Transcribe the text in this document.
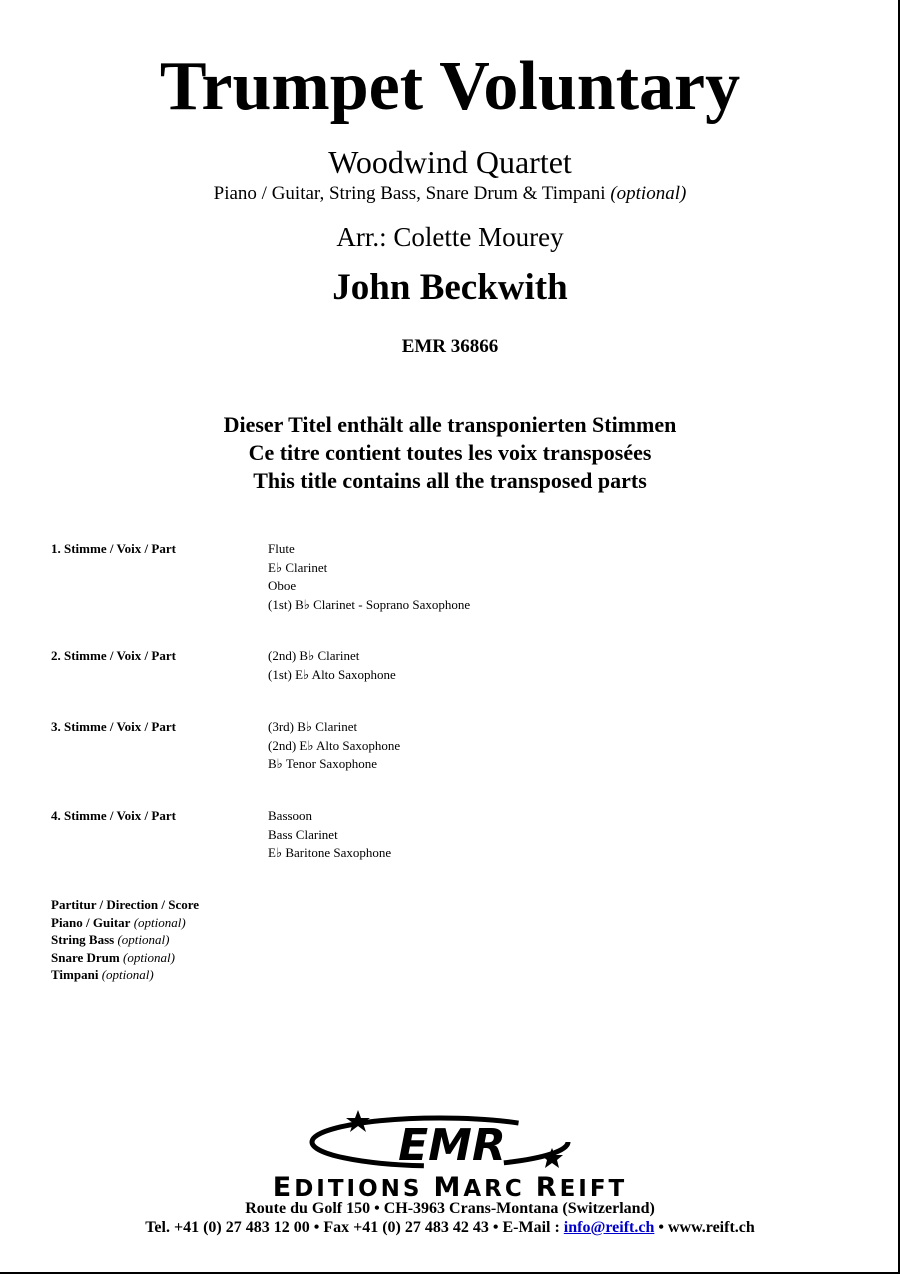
Trumpet Voluntary
Woodwind Quartet
Piano / Guitar, String Bass, Snare Drum & Timpani (optional)
Arr.: Colette Mourey
John Beckwith
EMR 36866
Dieser Titel enthält alle transponierten Stimmen
Ce titre contient toutes les voix transposées
This title contains all the transposed parts
1. Stimme / Voix / Part	Flute
E♭ Clarinet
Oboe
(1st) B♭ Clarinet - Soprano Saxophone
2. Stimme / Voix / Part	(2nd) B♭ Clarinet
(1st) E♭ Alto Saxophone
3. Stimme / Voix / Part	(3rd) B♭ Clarinet
(2nd) E♭ Alto Saxophone
B♭ Tenor Saxophone
4. Stimme / Voix / Part	Bassoon
Bass Clarinet
E♭ Baritone Saxophone
Partitur / Direction / Score
Piano / Guitar (optional)
String Bass (optional)
Snare Drum (optional)
Timpani (optional)
EMR
EDITIONS MARC REIFT
Route du Golf 150 • CH-3963 Crans-Montana (Switzerland)
Tel. +41 (0) 27 483 12 00 • Fax +41 (0) 27 483 42 43 • E-Mail : info@reift.ch • www.reift.ch
